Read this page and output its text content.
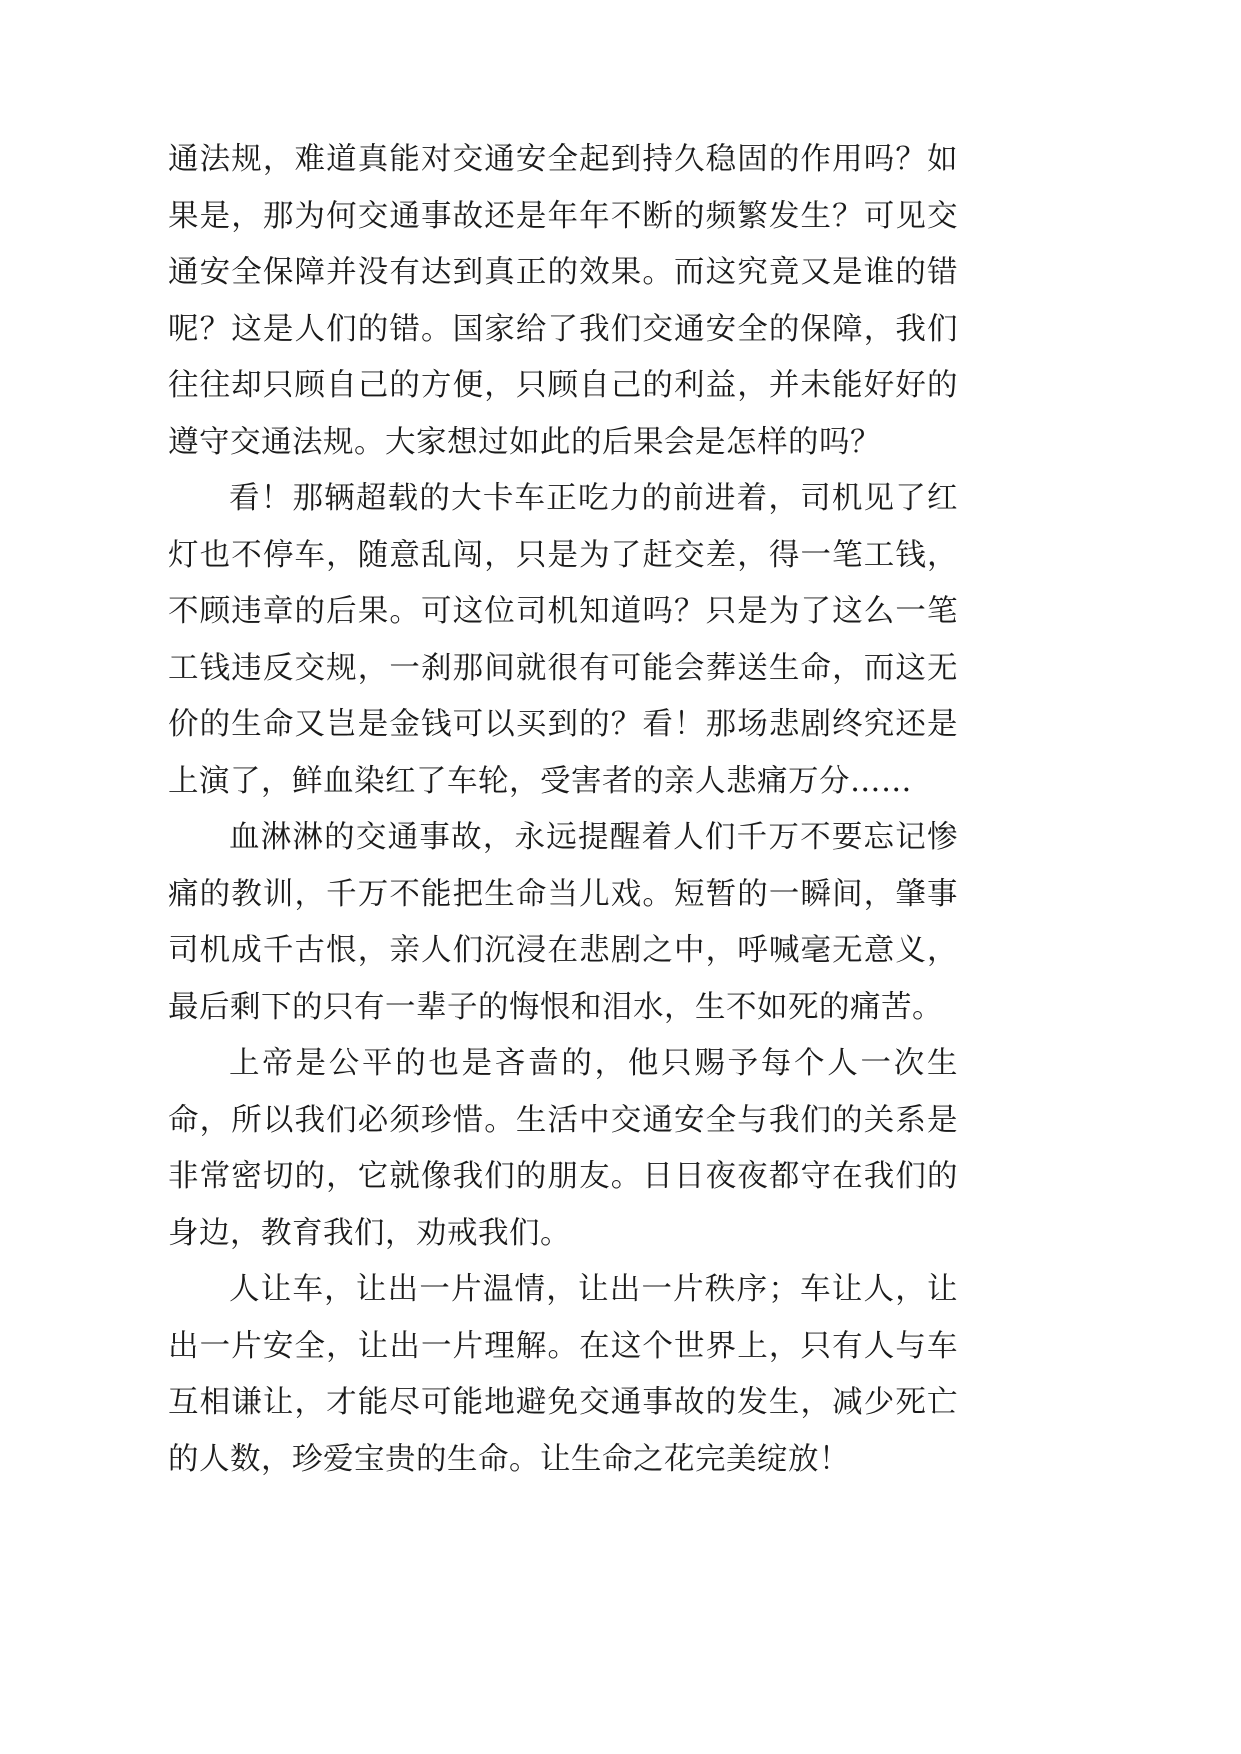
通法规，难道真能对交通安全起到持久稳固的作用吗？如果是，那为何交通事故还是年年不断的频繁发生？可见交通安全保障并没有达到真正的效果。而这究竟又是谁的错呢？这是人们的错。国家给了我们交通安全的保障，我们往往却只顾自己的方便，只顾自己的利益，并未能好好的遵守交通法规。大家想过如此的后果会是怎样的吗？

看！那辆超载的大卡车正吃力的前进着，司机见了红灯也不停车，随意乱闯，只是为了赶交差，得一笔工钱，不顾违章的后果。可这位司机知道吗？只是为了这么一笔工钱违反交规，一刹那间就很有可能会葬送生命，而这无价的生命又岂是金钱可以买到的？看！那场悲剧终究还是上演了，鲜血染红了车轮，受害者的亲人悲痛万分……

血淋淋的交通事故，永远提醒着人们千万不要忘记惨痛的教训，千万不能把生命当儿戏。短暂的一瞬间，肇事司机成千古恨，亲人们沉浸在悲剧之中，呼喊毫无意义，最后剩下的只有一辈子的悔恨和泪水，生不如死的痛苦。

上帝是公平的也是吝啬的，他只赐予每个人一次生命，所以我们必须珍惜。生活中交通安全与我们的关系是非常密切的，它就像我们的朋友。日日夜夜都守在我们的身边，教育我们，劝戒我们。

人让车，让出一片温情，让出一片秩序；车让人，让出一片安全，让出一片理解。在这个世界上，只有人与车互相谦让，才能尽可能地避免交通事故的发生，减少死亡的人数，珍爱宝贵的生命。让生命之花完美绽放！
